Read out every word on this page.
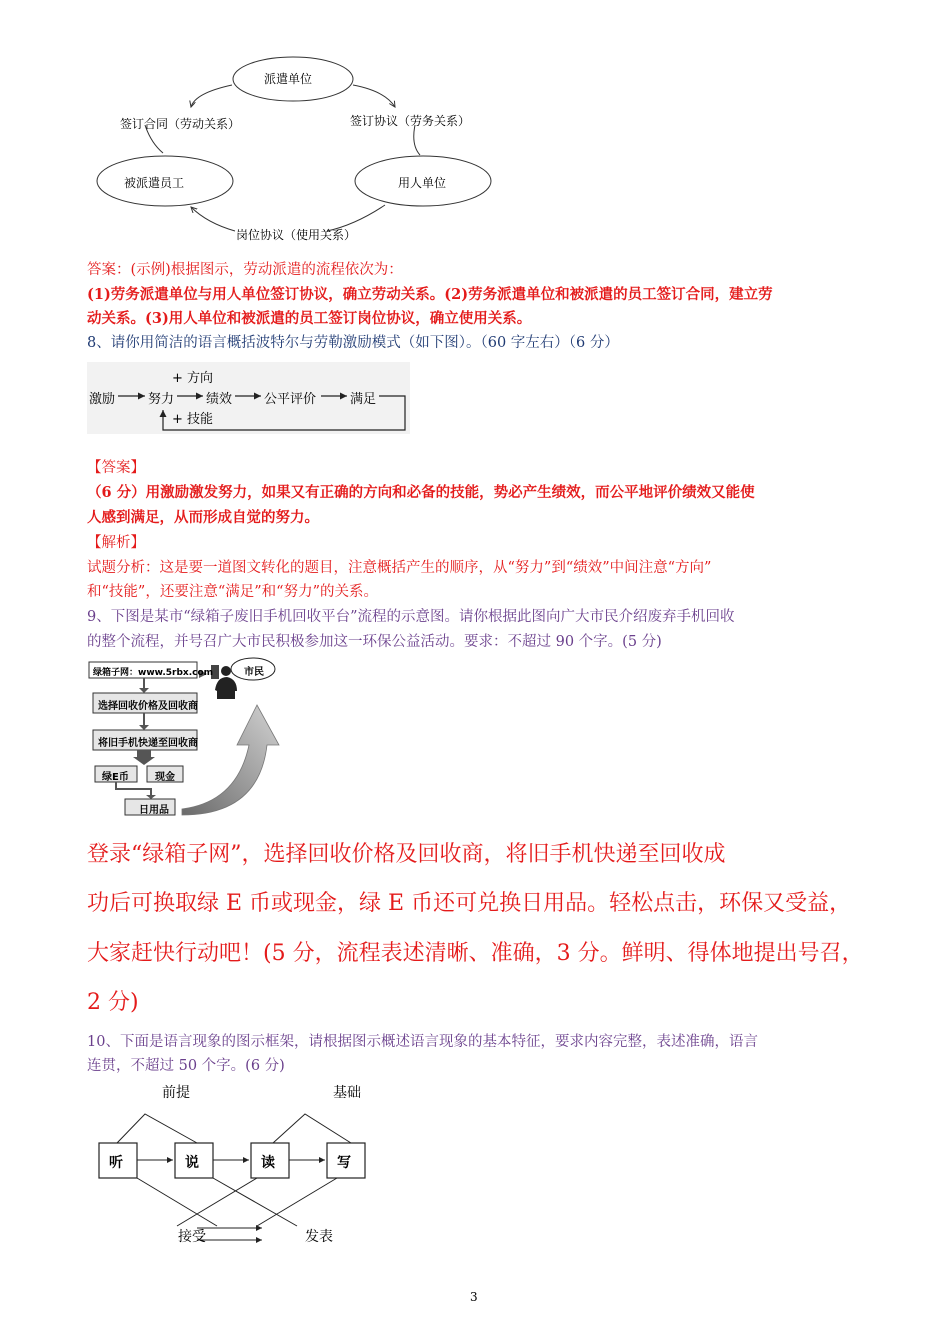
派遣单位
签订合同（劳动关系）	签订协议（劳务关系）
被派遣员工	用人单位
岗位协议（使用关系）
答案：(示例)根据图示，劳动派遣的流程依次为：
(1)劳务派遣单位与用人单位签订协议，确立劳动关系。(2)劳务派遣单位和被派遣的员工签订合同，建立劳
动关系。(3)用人单位和被派遣的员工签订岗位协议，确立使用关系。
8、请你用简洁的语言概括波特尔与劳勒激励模式（如下图）。（60 字左右）（6 分）
激励	努力 绩效 公平评价	满足
+ 方向
+ 技能
【答案】
（6 分）用激励激发努力，如果又有正确的方向和必备的技能，势必产生绩效，而公平地评价绩效又能使
人感到满足，从而形成自觉的努力。
【解析】
试题分析：这是要一道图文转化的题目，注意概括产生的顺序，从“努力”到“绩效”中间注意“方向”
和“技能”，还要注意“满足”和“努力”的关系。
9、下图是某市“绿箱子废旧手机回收平台”流程的示意图。请你根据此图向广大市民介绍废弃手机回收
的整个流程，并号召广大市民积极参加这一环保公益活动。要求：不超过 90 个字。(5 分)
绿箱子网：www.5rbx.com
选择回收价格及回收商
将旧手机快递至回收商
绿E币	现金
日用品
市民
登录“绿箱子网”，选择回收价格及回收商，将旧手机快递至回收成
功后可换取绿 E 币或现金，绿 E 币还可兑换日用品。轻松点击，环保又受益，
大家赶快行动吧！(5 分，流程表述清晰、准确，3 分。鲜明、得体地提出号召，
2 分)
10、下面是语言现象的图示框架，请根据图示概述语言现象的基本特征，要求内容完整，表述准确，语言
连贯，不超过 50 个字。(6 分)
前提	基础
听	说	读	写
接受	发表
3
